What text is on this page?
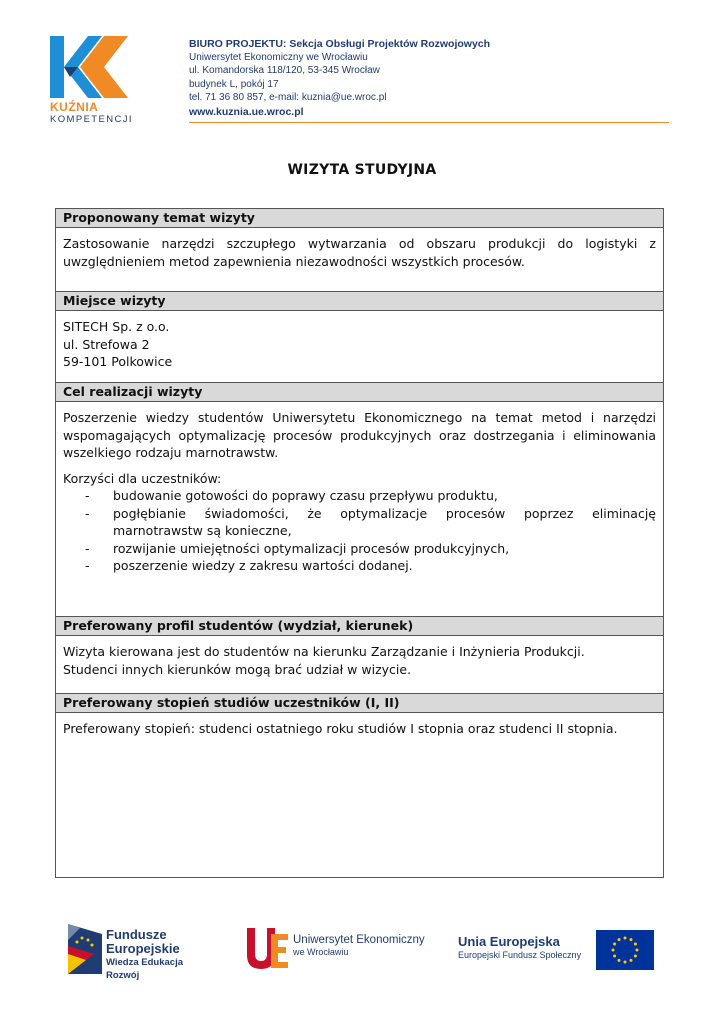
KUŹNIA
KOMPETENCJI
BIURO PROJEKTU: Sekcja Obsługi Projektów Rozwojowych
Uniwersytet Ekonomiczny we Wrocławiu
ul. Komandorska 118/120, 53-345 Wrocław
budynek L, pokój 17
tel. 71 36 80 857, e-mail: kuznia@ue.wroc.pl
www.kuznia.ue.wroc.pl
WIZYTA STUDYJNA
Proponowany temat wizyty
Zastosowanie narzędzi szczupłego wytwarzania od obszaru produkcji do logistyki z uwzględnieniem metod zapewnienia niezawodności wszystkich procesów.
Miejsce wizyty
SITECH Sp. z o.o.
ul. Strefowa 2
59-101 Polkowice
Cel realizacji wizyty
Poszerzenie wiedzy studentów Uniwersytetu Ekonomicznego na temat metod i narzędzi wspomagających optymalizację procesów produkcyjnych oraz dostrzegania i eliminowania wszelkiego rodzaju marnotrawstw.
Korzyści dla uczestników:
- budowanie gotowości do poprawy czasu przepływu produktu,
- pogłębianie świadomości, że optymalizacje procesów poprzez eliminację marnotrawstw są konieczne,
- rozwijanie umiejętności optymalizacji procesów produkcyjnych,
- poszerzenie wiedzy z zakresu wartości dodanej.
Preferowany profil studentów (wydział, kierunek)
Wizyta kierowana jest do studentów na kierunku Zarządzanie i Inżynieria Produkcji.
Studenci innych kierunków mogą brać udział w wizycie.
Preferowany stopień studiów uczestników (I, II)
Preferowany stopień: studenci ostatniego roku studiów I stopnia oraz studenci II stopnia.
Fundusze
Europejskie
Wiedza Edukacja Rozwój
Uniwersytet Ekonomiczny
we Wrocławiu
Unia Europejska
Europejski Fundusz Społeczny
